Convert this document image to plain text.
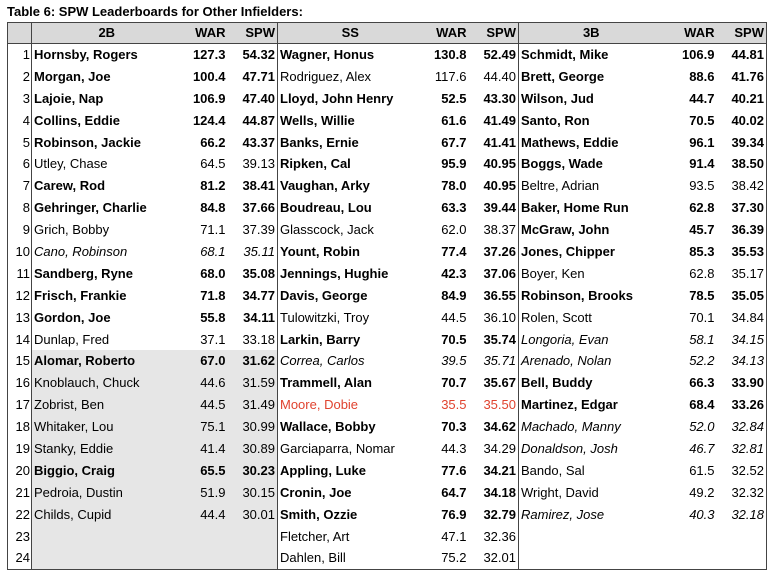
Table 6: SPW Leaderboards for Other Infielders:
	2B	WAR	SPW	SS	WAR	SPW	3B	WAR	SPW
1	Hornsby, Rogers	127.3	54.32	Wagner, Honus	130.8	52.49	Schmidt, Mike	106.9	44.81
2	Morgan, Joe	100.4	47.71	Rodriguez, Alex	117.6	44.40	Brett, George	88.6	41.76
3	Lajoie, Nap	106.9	47.40	Lloyd, John Henry	52.5	43.30	Wilson, Jud	44.7	40.21
4	Collins, Eddie	124.4	44.87	Wells, Willie	61.6	41.49	Santo, Ron	70.5	40.02
5	Robinson, Jackie	66.2	43.37	Banks, Ernie	67.7	41.41	Mathews, Eddie	96.1	39.34
6	Utley, Chase	64.5	39.13	Ripken, Cal	95.9	40.95	Boggs, Wade	91.4	38.50
7	Carew, Rod	81.2	38.41	Vaughan, Arky	78.0	40.95	Beltre, Adrian	93.5	38.42
8	Gehringer, Charlie	84.8	37.66	Boudreau, Lou	63.3	39.44	Baker, Home Run	62.8	37.30
9	Grich, Bobby	71.1	37.39	Glasscock, Jack	62.0	38.37	McGraw, John	45.7	36.39
10	Cano, Robinson	68.1	35.11	Yount, Robin	77.4	37.26	Jones, Chipper	85.3	35.53
11	Sandberg, Ryne	68.0	35.08	Jennings, Hughie	42.3	37.06	Boyer, Ken	62.8	35.17
12	Frisch, Frankie	71.8	34.77	Davis, George	84.9	36.55	Robinson, Brooks	78.5	35.05
13	Gordon, Joe	55.8	34.11	Tulowitzki, Troy	44.5	36.10	Rolen, Scott	70.1	34.84
14	Dunlap, Fred	37.1	33.18	Larkin, Barry	70.5	35.74	Longoria, Evan	58.1	34.15
15	Alomar, Roberto	67.0	31.62	Correa, Carlos	39.5	35.71	Arenado, Nolan	52.2	34.13
16	Knoblauch, Chuck	44.6	31.59	Trammell, Alan	70.7	35.67	Bell, Buddy	66.3	33.90
17	Zobrist, Ben	44.5	31.49	Moore, Dobie	35.5	35.50	Martinez, Edgar	68.4	33.26
18	Whitaker, Lou	75.1	30.99	Wallace, Bobby	70.3	34.62	Machado, Manny	52.0	32.84
19	Stanky, Eddie	41.4	30.89	Garciaparra, Nomar	44.3	34.29	Donaldson, Josh	46.7	32.81
20	Biggio, Craig	65.5	30.23	Appling, Luke	77.6	34.21	Bando, Sal	61.5	32.52
21	Pedroia, Dustin	51.9	30.15	Cronin, Joe	64.7	34.18	Wright, David	49.2	32.32
22	Childs, Cupid	44.4	30.01	Smith, Ozzie	76.9	32.79	Ramirez, Jose	40.3	32.18
23				Fletcher, Art	47.1	32.36			
24				Dahlen, Bill	75.2	32.01			
